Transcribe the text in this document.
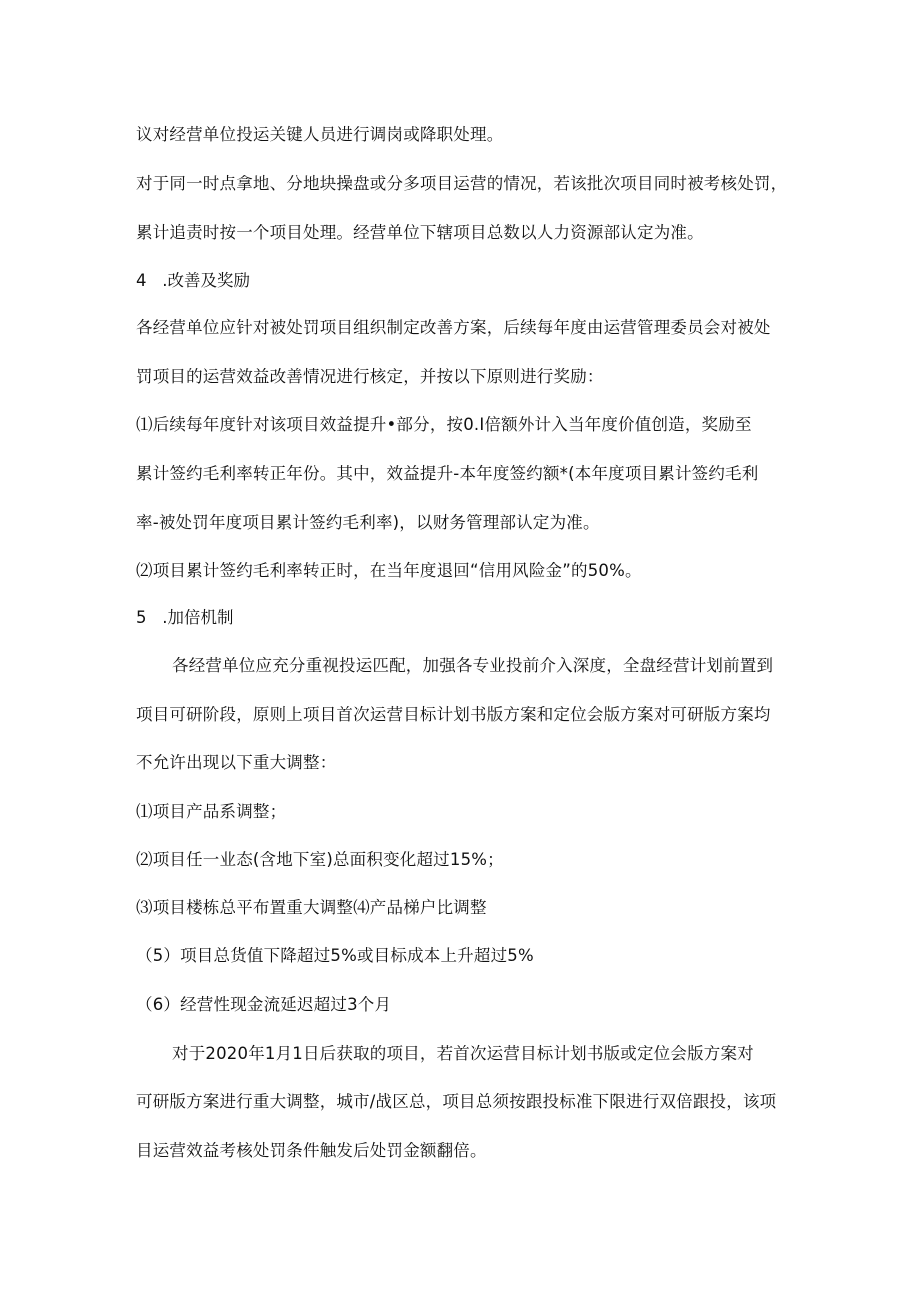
议对经营单位投运关键人员进行调岗或降职处理。
对于同一时点拿地、分地块操盘或分多项目运营的情况，若该批次项目同时被考核处罚，
累计追责时按一个项目处理。经营单位下辖项目总数以人力资源部认定为准。
4   .改善及奖励
各经营单位应针对被处罚项目组织制定改善方案，后续每年度由运营管理委员会对被处
罚项目的运营效益改善情况进行核定，并按以下原则进行奖励：
⑴后续每年度针对该项目效益提升•部分，按0.I倍额外计入当年度价值创造，奖励至
累计签约毛利率转正年份。其中，效益提升-本年度签约额*(本年度项目累计签约毛利
率-被处罚年度项目累计签约毛利率)，以财务管理部认定为准。
⑵项目累计签约毛利率转正时，在当年度退回“信用风险金”的50%。
5   .加倍机制
各经营单位应充分重视投运匹配，加强各专业投前介入深度，全盘经营计划前置到
项目可研阶段，原则上项目首次运营目标计划书版方案和定位会版方案对可研版方案均
不允许出现以下重大调整：
⑴项目产品系调整；
⑵项目任一业态(含地下室)总面积变化超过15%；
⑶项目楼栋总平布置重大调整⑷产品梯户比调整
（5）项目总货值下降超过5%或目标成本上升超过5%
（6）经营性现金流延迟超过3个月
对于2020年1月1日后获取的项目，若首次运营目标计划书版或定位会版方案对
可研版方案进行重大调整，城市/战区总，项目总须按跟投标准下限进行双倍跟投，该项
目运营效益考核处罚条件触发后处罚金额翻倍。
